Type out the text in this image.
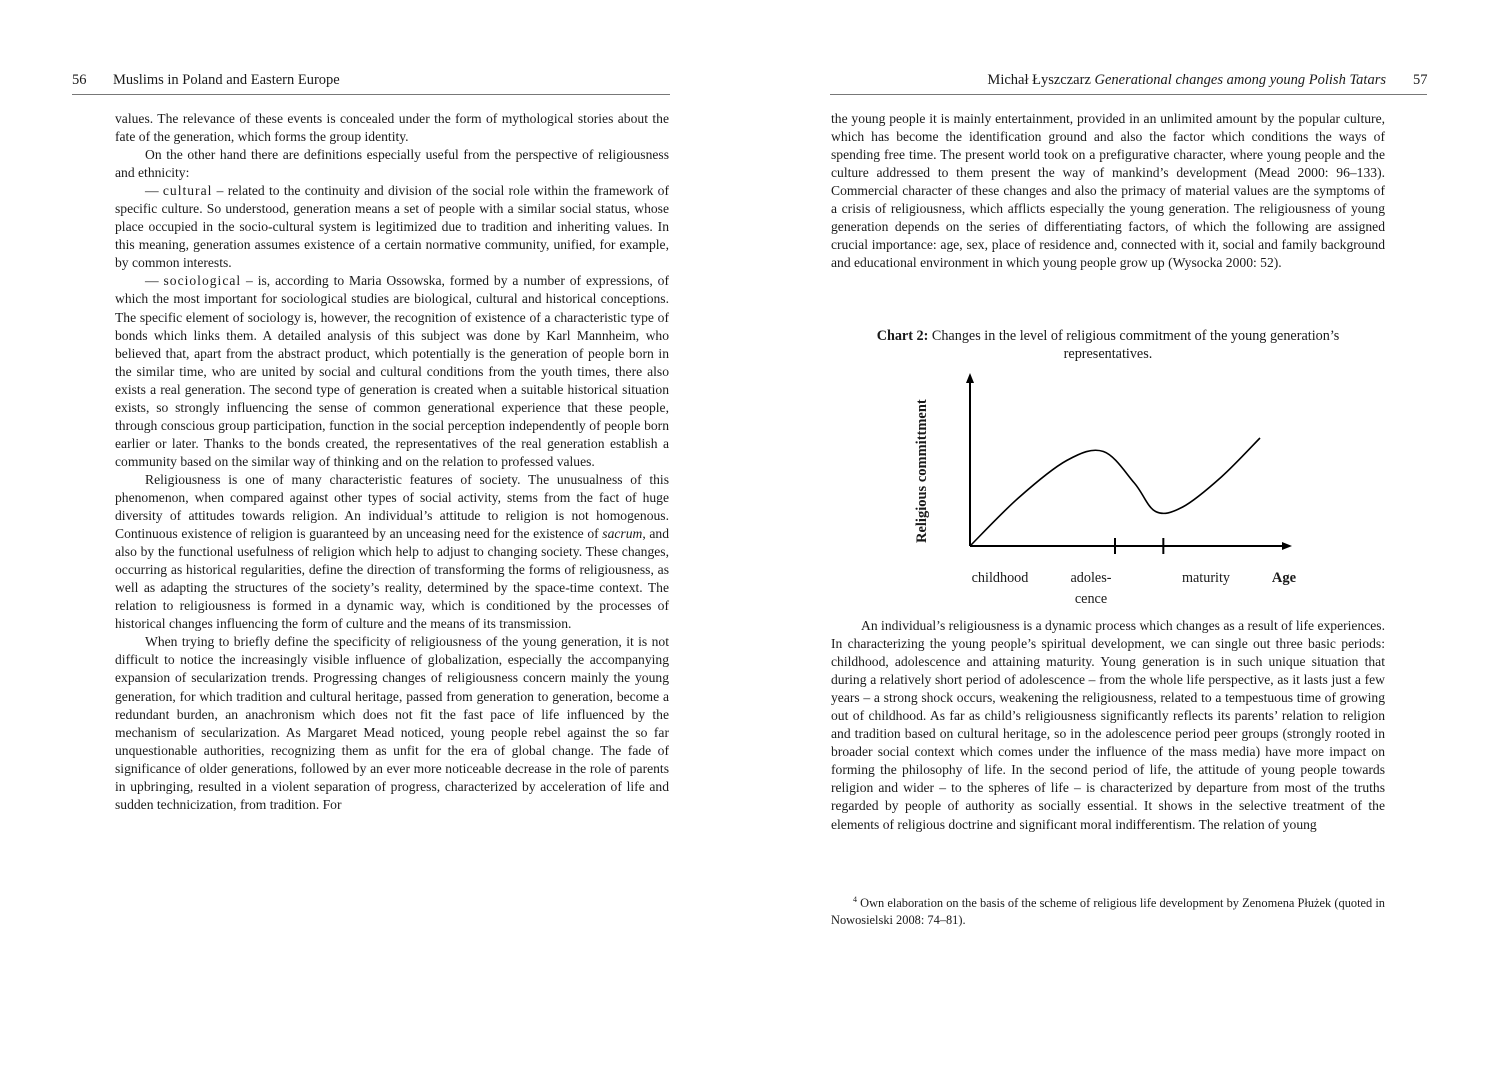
56 Muslims in Poland and Eastern Europe

values. The relevance of these events is concealed under the form of mythological stories about the fate of the generation, which forms the group identity.

On the other hand there are definitions especially useful from the perspective of religiousness and ethnicity:

— cultural – related to the continuity and division of the social role within the framework of specific culture. So understood, generation means a set of people with a similar social status, whose place occupied in the socio-cultural system is legitimized due to tradition and inheriting values. In this meaning, generation assumes existence of a certain normative community, unified, for example, by common interests.

— sociological – is, according to Maria Ossowska, formed by a number of expressions, of which the most important for sociological studies are biological, cultural and historical conceptions. The specific element of sociology is, however, the recognition of existence of a characteristic type of bonds which links them. A detailed analysis of this subject was done by Karl Mannheim, who believed that, apart from the abstract product, which potentially is the generation of people born in the similar time, who are united by social and cultural conditions from the youth times, there also exists a real generation. The second type of generation is created when a suitable historical situation exists, so strongly influencing the sense of common generational experience that these people, through conscious group participation, function in the social perception independently of people born earlier or later. Thanks to the bonds created, the representatives of the real generation establish a community based on the similar way of thinking and on the relation to professed values.

Religiousness is one of many characteristic features of society. The unusualness of this phenomenon, when compared against other types of social activity, stems from the fact of huge diversity of attitudes towards religion. An individual’s attitude to religion is not homogenous. Continuous existence of religion is guaranteed by an unceasing need for the existence of sacrum, and also by the functional usefulness of religion which help to adjust to changing society. These changes, occurring as historical regularities, define the direction of transforming the forms of religiousness, as well as adapting the structures of the society’s reality, determined by the space-time context. The relation to religiousness is formed in a dynamic way, which is conditioned by the processes of historical changes influencing the form of culture and the means of its transmission.

When trying to briefly define the specificity of religiousness of the young generation, it is not difficult to notice the increasingly visible influence of globalization, especially the accompanying expansion of secularization trends. Progressing changes of religiousness concern mainly the young generation, for which tradition and cultural heritage, passed from generation to generation, become a redundant burden, an anachronism which does not fit the fast pace of life influenced by the mechanism of secularization. As Margaret Mead noticed, young people rebel against the so far unquestionable authorities, recognizing them as unfit for the era of global change. The fade of significance of older generations, followed by an ever more noticeable decrease in the role of parents in upbringing, resulted in a violent separation of progress, characterized by acceleration of life and sudden technicization, from tradition. For

Michał Łyszczarz Generational changes among young Polish Tatars 57

the young people it is mainly entertainment, provided in an unlimited amount by the popular culture, which has become the identification ground and also the factor which conditions the ways of spending free time. The present world took on a prefigurative character, where young people and the culture addressed to them present the way of mankind’s development (Mead 2000: 96–133). Commercial character of these changes and also the primacy of material values are the symptoms of a crisis of religiousness, which afflicts especially the young generation. The religiousness of young generation depends on the series of differentiating factors, of which the following are assigned crucial importance: age, sex, place of residence and, connected with it, social and family background and educational environment in which young people grow up (Wysocka 2000: 52).

Chart 2: Changes in the level of religious commitment of the young generation’s representatives.
Religious committment
childhood	adoles-cence
maturity	Age

An individual’s religiousness is a dynamic process which changes as a result of life experiences. In characterizing the young people’s spiritual development, we can single out three basic periods: childhood, adolescence and attaining maturity. Young generation is in such unique situation that during a relatively short period of adolescence – from the whole life perspective, as it lasts just a few years – a strong shock occurs, weakening the religiousness, related to a tempestuous time of growing out of childhood. As far as child’s religiousness significantly reflects its parents’ relation to religion and tradition based on cultural heritage, so in the adolescence period peer groups (strongly rooted in broader social context which comes under the influence of the mass media) have more impact on forming the philosophy of life. In the second period of life, the attitude of young people towards religion and wider – to the spheres of life – is characterized by departure from most of the truths regarded by people of authority as socially essential. It shows in the selective treatment of the elements of religious doctrine and significant moral indifferentism. The relation of young

$^4$ Own elaboration on the basis of the scheme of religious life development by Zenomena Płużek (quoted in Nowosielski 2008: 74–81).
